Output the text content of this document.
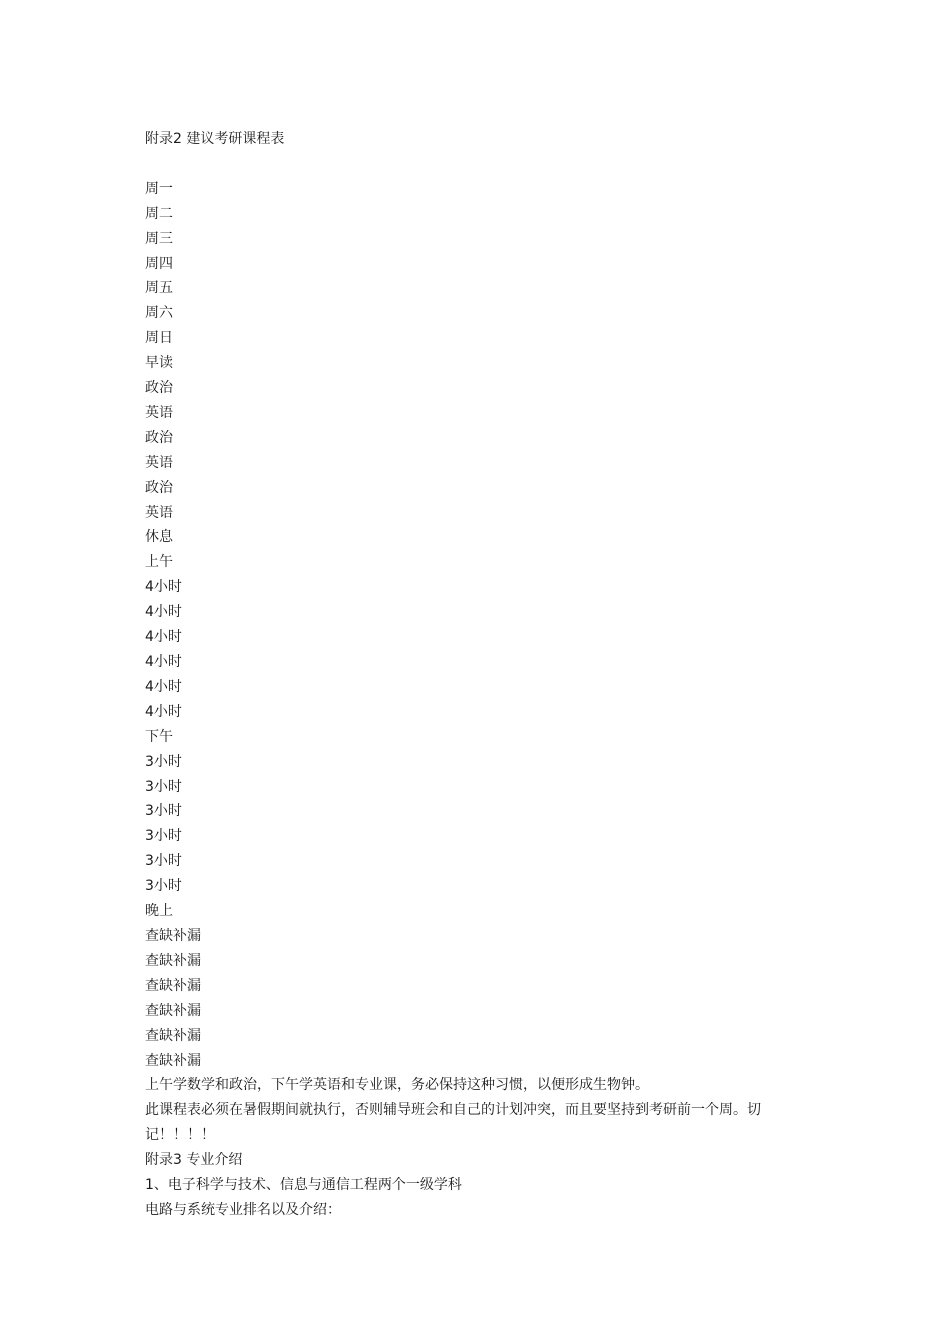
附录2 建议考研课程表
周一
周二
周三
周四
周五
周六
周日
早读
政治
英语
政治
英语
政治
英语
休息
上午
4小时
4小时
4小时
4小时
4小时
4小时
下午
3小时
3小时
3小时
3小时
3小时
3小时
晚上
查缺补漏
查缺补漏
查缺补漏
查缺补漏
查缺补漏
查缺补漏
上午学数学和政治，下午学英语和专业课，务必保持这种习惯，以便形成生物钟。
此课程表必须在暑假期间就执行，否则辅导班会和自己的计划冲突，而且要坚持到考研前一个周。切记！！！！
附录3 专业介绍
1、电子科学与技术、信息与通信工程两个一级学科
电路与系统专业排名以及介绍：
